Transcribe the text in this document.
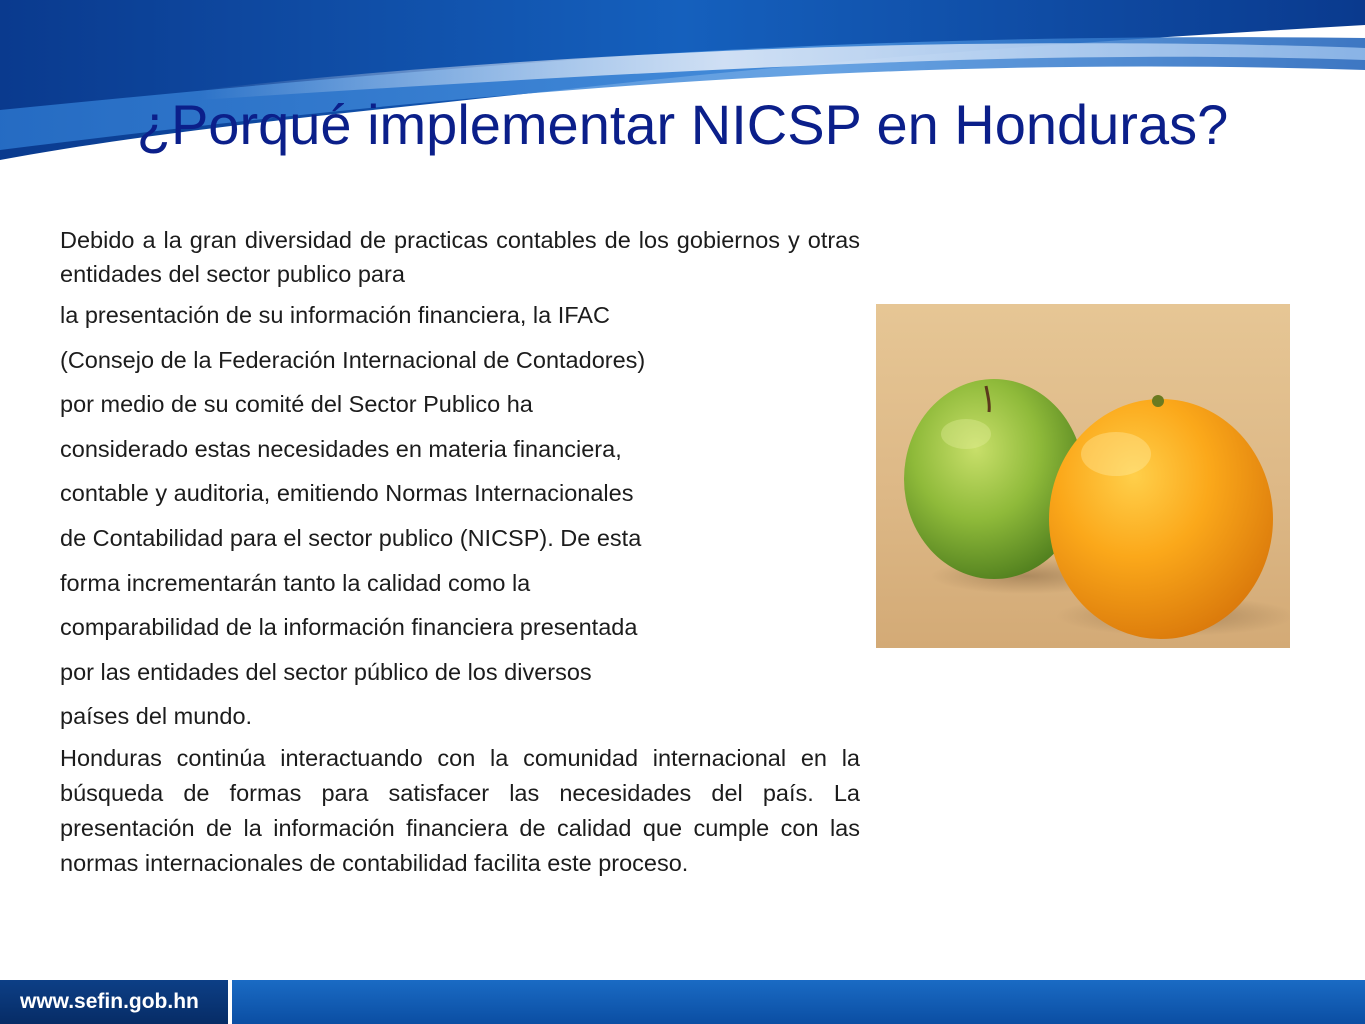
¿Porqué implementar NICSP en Honduras?

Debido a la gran diversidad de practicas contables de los gobiernos y otras entidades del sector publico para

la presentación de su información financiera, la IFAC
(Consejo de la Federación Internacional de Contadores)
por medio de su comité del Sector Publico ha
considerado estas necesidades en materia financiera,
contable y auditoria, emitiendo Normas Internacionales
de Contabilidad para el sector publico (NICSP). De esta
forma incrementarán tanto la calidad como la
comparabilidad de la información financiera presentada
por las entidades del sector público de los diversos
países del mundo.

Honduras continúa interactuando con la comunidad internacional en la búsqueda de formas para satisfacer las necesidades del país. La presentación de la información financiera de calidad que cumple con las normas internacionales de contabilidad facilita este proceso.

www.sefin.gob.hn
